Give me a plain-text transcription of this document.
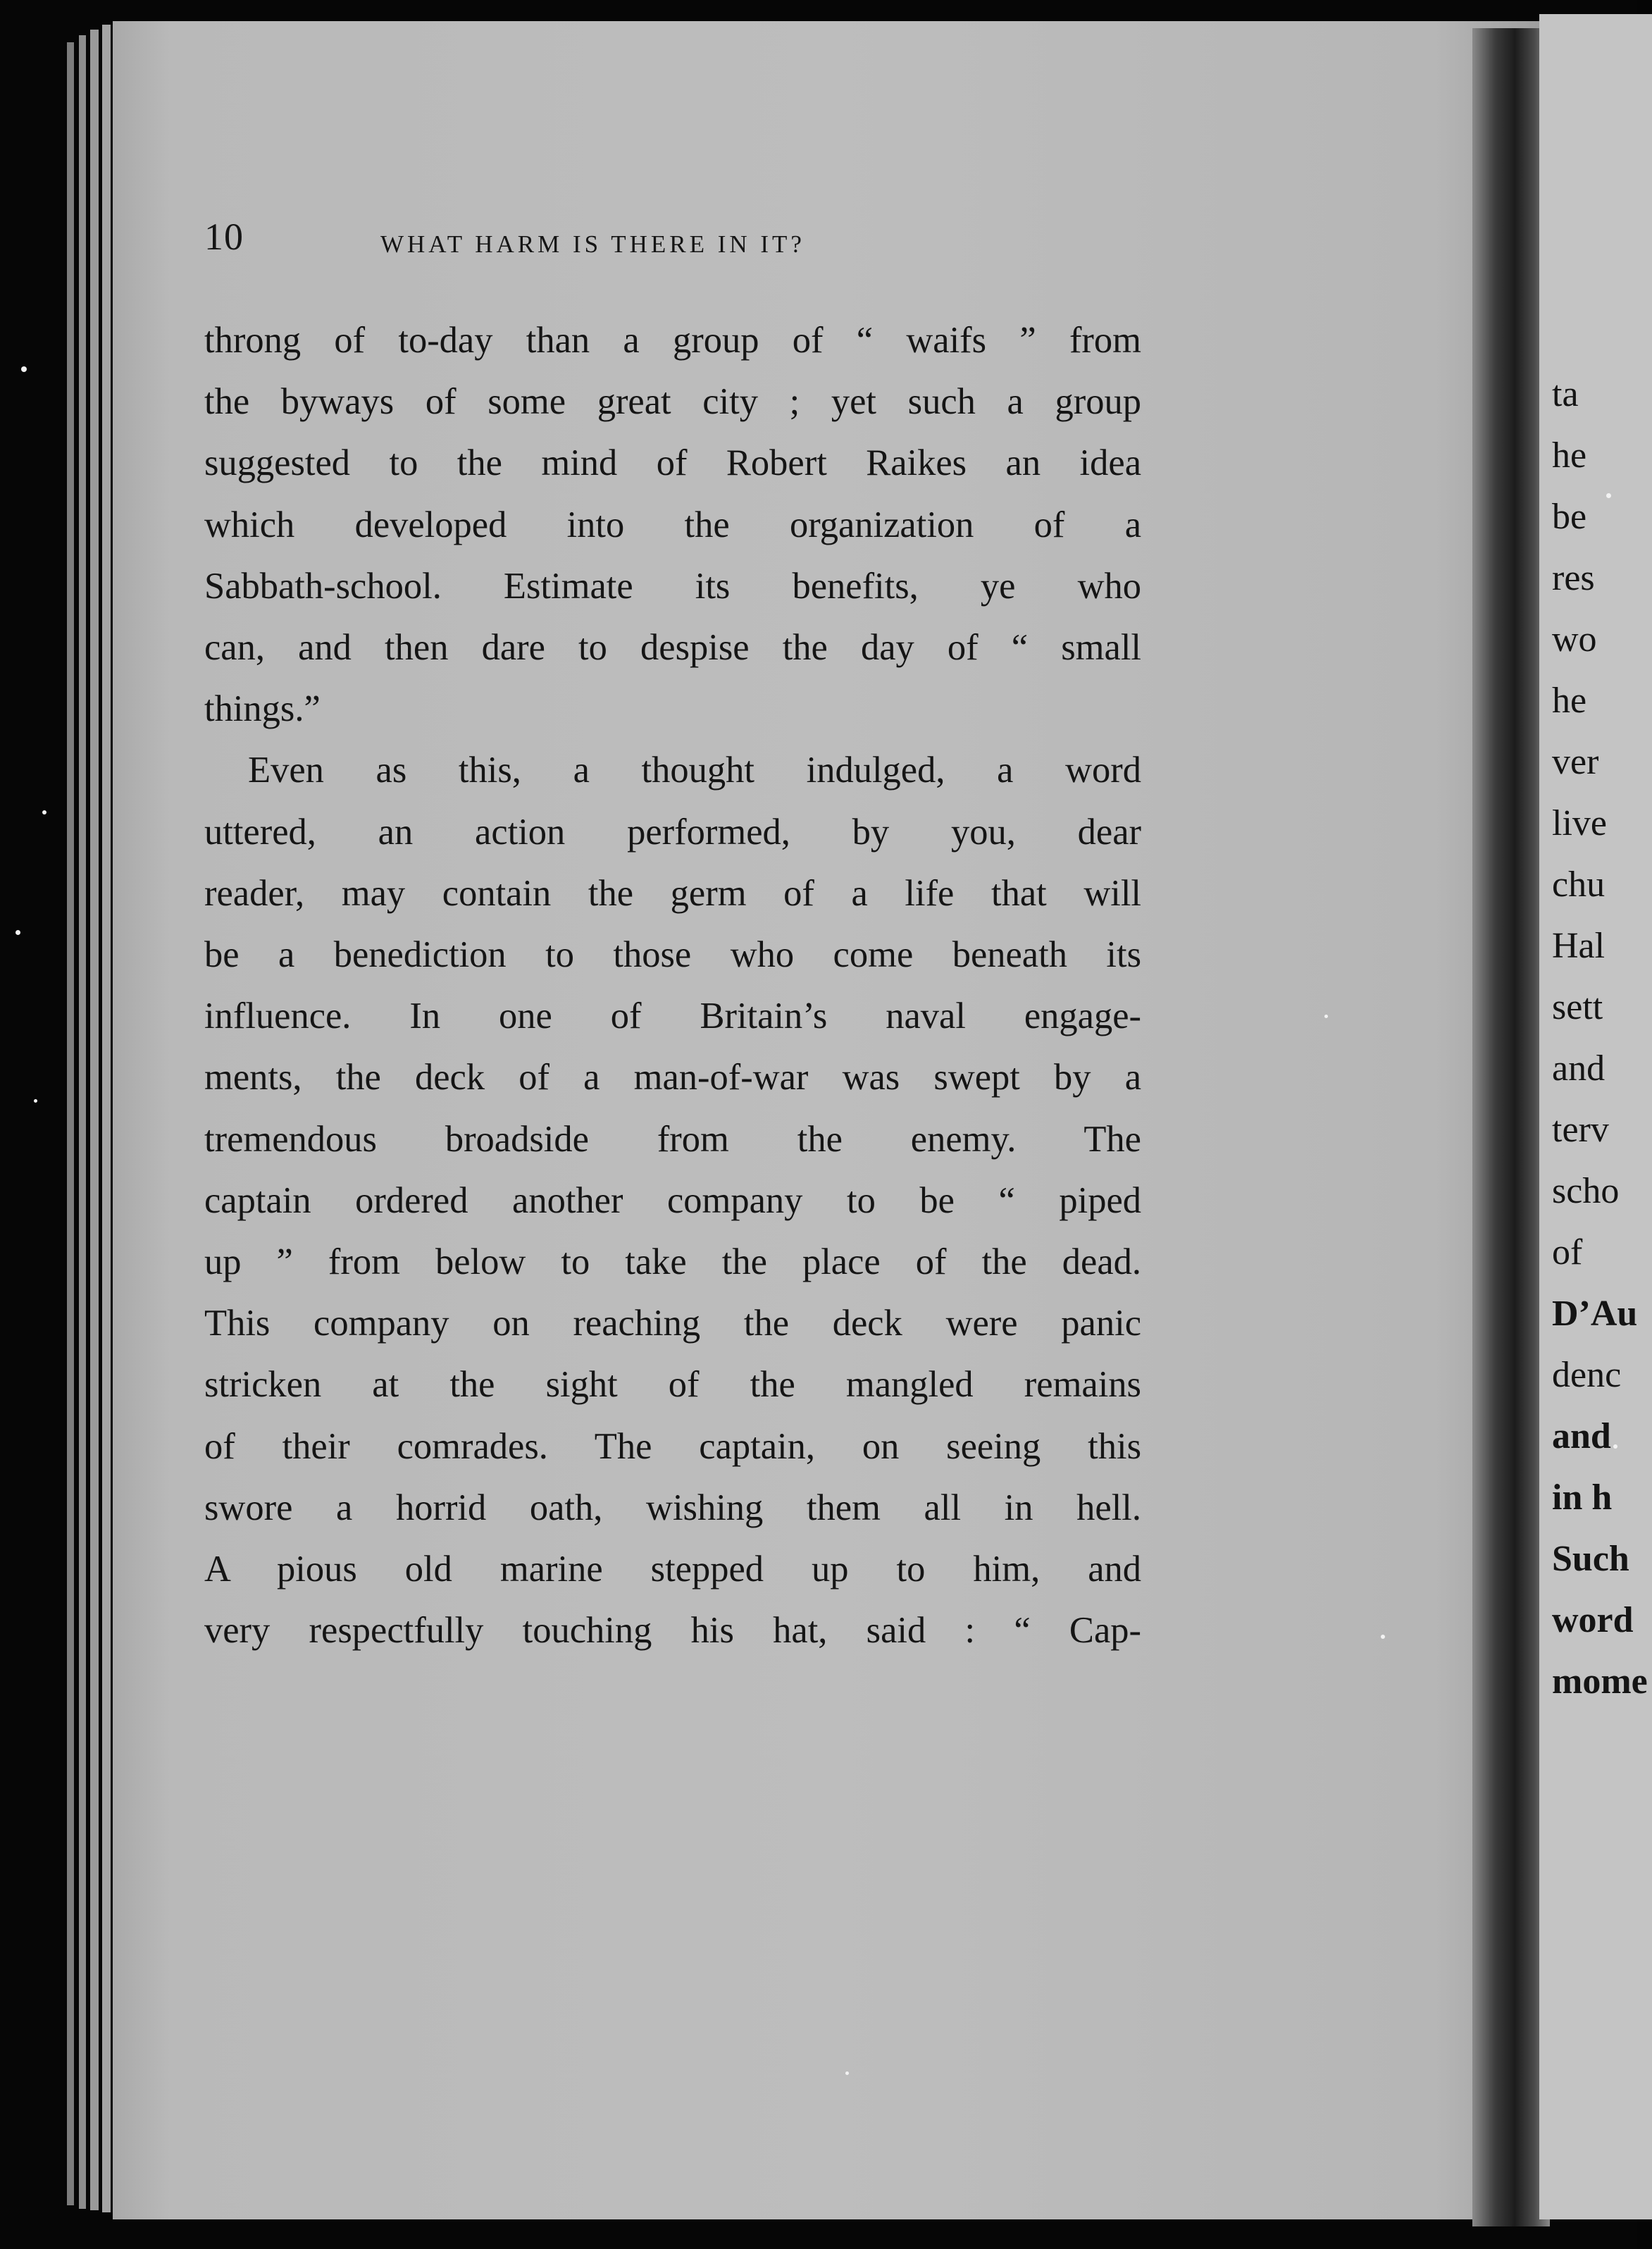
10	WHAT HARM IS THERE IN IT?
throng of to-day than a group of “ waifs ” from
the byways of some great city ; yet such a group
suggested to the mind of Robert Raikes an idea
which developed into the organization of a
Sabbath-school. Estimate its benefits, ye who
can, and then dare to despise the day of “ small
things.”
Even as this, a thought indulged, a word
uttered, an action performed, by you, dear
reader, may contain the germ of a life that will
be a benediction to those who come beneath its
influence. In one of Britain’s naval engage-
ments, the deck of a man-of-war was swept by a
tremendous broadside from the enemy. The
captain ordered another company to be “ piped
up ” from below to take the place of the dead.
This company on reaching the deck were panic
stricken at the sight of the mangled remains
of their comrades. The captain, on seeing this
swore a horrid oath, wishing them all in hell.
A pious old marine stepped up to him, and
very respectfully touching his hat, said : “ Cap-
ta
he
be
res
wo
he
ver
live
chu
Hal
sett
and
terv
scho
of
D’Au
denc
and
in h
Such
word
mome
